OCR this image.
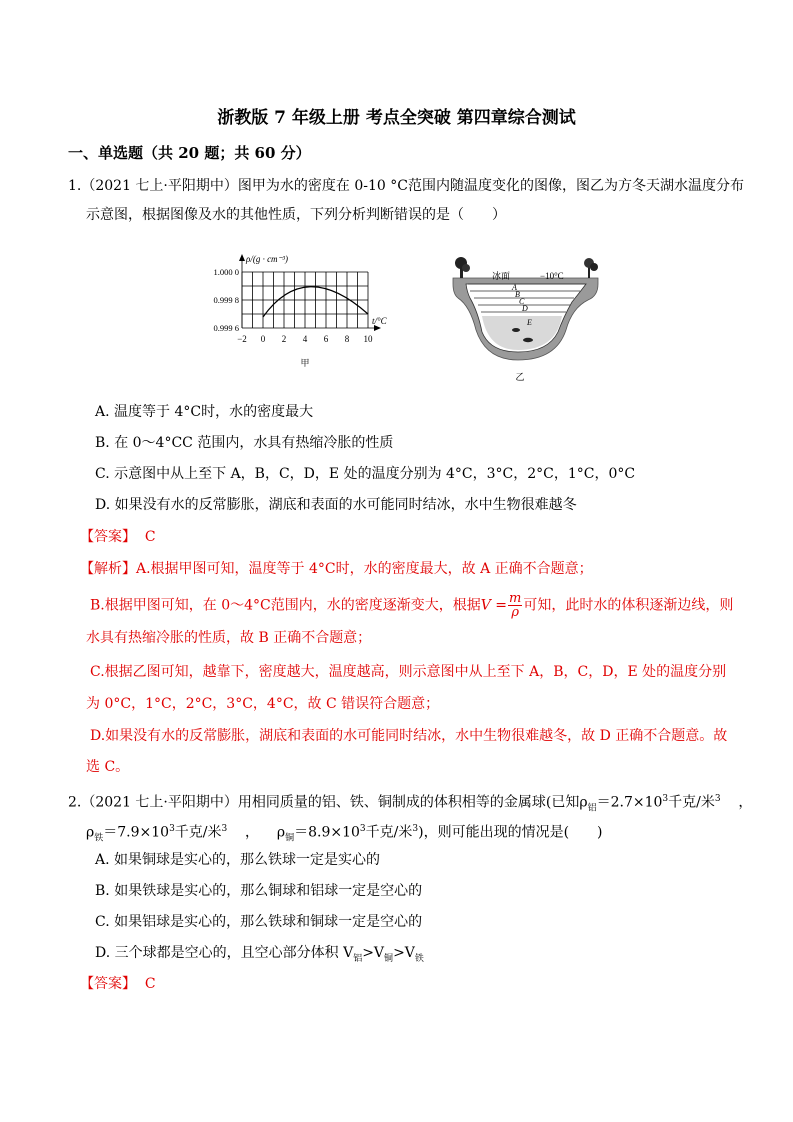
浙教版 7 年级上册 考点全突破 第四章综合测试
一、单选题（共 20 题；共 60 分）
1.（2021 七上·平阳期中）图甲为水的密度在 0-10 °C范围内随温度变化的图像，图乙为方冬天湖水温度分布
示意图，根据图像及水的其他性质，下列分析判断错误的是（　　）
ρ/(g · cm⁻³)
t/°C
1.000 0
0.999 8
0.999 6
−2 0 2 4 6 8 10
甲
冰面	−10°C
A
B
C
D
E
乙
A. 温度等于 4°C时，水的密度最大
B. 在 0～4°CC 范围内，水具有热缩冷胀的性质
C. 示意图中从上至下 A，B，C，D，E 处的温度分别为 4°C，3°C，2°C，1°C，0°C
D. 如果没有水的反常膨胀，湖底和表面的水可能同时结冰，水中生物很难越冬
【答案】 C
【解析】A.根据甲图可知，温度等于 4°C时，水的密度最大，故 A 正确不合题意；
B.根据甲图可知，在 0～4°C范围内，水的密度逐渐变大，根据$V = \frac{m}{\rho}$ 可知，此时水的体积逐渐边线，则
水具有热缩冷胀的性质，故 B 正确不合题意；
C.根据乙图可知，越靠下，密度越大，温度越高，则示意图中从上至下 A，B，C，D，E 处的温度分别
为 0°C，1°C，2°C，3°C，4°C，故 C 错误符合题意；
D.如果没有水的反常膨胀，湖底和表面的水可能同时结冰，水中生物很难越冬，故 D 正确不合题意。故
选 C。
2.（2021 七上·平阳期中）用相同质量的铝、铁、铜制成的体积相等的金属球(已知$\rho_铝=2.7\times 10^3$千克/米$^3$    ，
$\rho_铁=7.9\times 10^3$千克/米$^3$    ，    $\rho_铜=8.9\times 10^3$千克/米$^3$)，则可能出现的情况是(　　)
A. 如果铜球是实心的，那么铁球一定是实心的
B. 如果铁球是实心的，那么铜球和铝球一定是空心的
C. 如果铝球是实心的，那么铁球和铜球一定是空心的
D. 三个球都是空心的，且空心部分体积 $V_铝>V_铜>V_铁$
【答案】 C
